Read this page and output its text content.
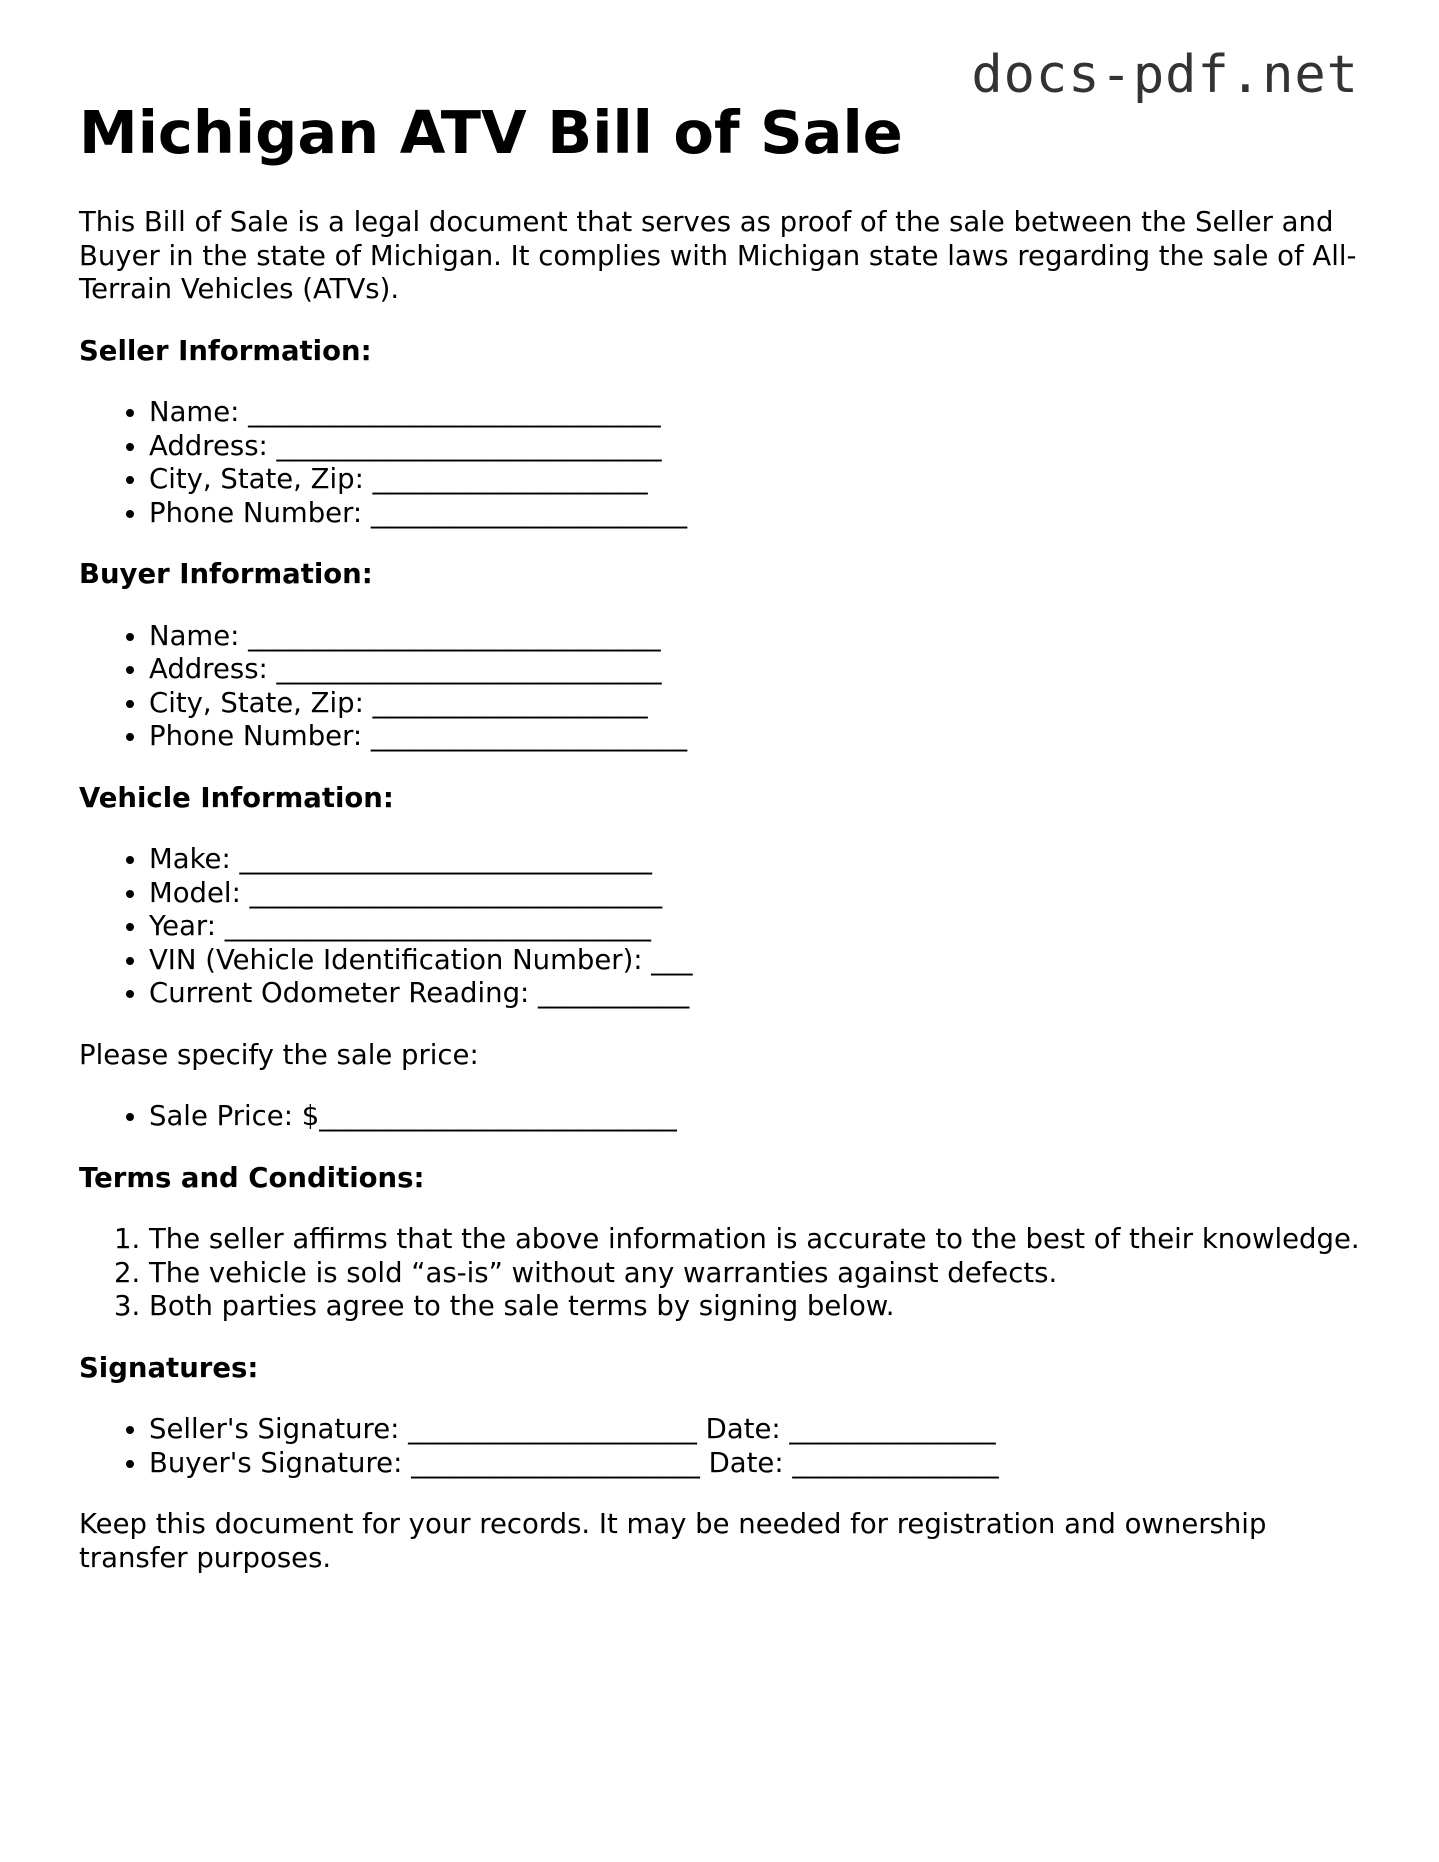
docs-pdf.net
Michigan ATV Bill of Sale

This Bill of Sale is a legal document that serves as proof of the sale between the Seller and Buyer in the state of Michigan. It complies with Michigan state laws regarding the sale of All-Terrain Vehicles (ATVs).

Seller Information:
• Name: ______________________________
• Address: ____________________________
• City, State, Zip: ____________________
• Phone Number: _______________________
Buyer Information:
• Name: ______________________________
• Address: ____________________________
• City, State, Zip: ____________________
• Phone Number: _______________________
Vehicle Information:
• Make: ______________________________
• Model: ______________________________
• Year: _______________________________
• VIN (Vehicle Identification Number): ___
• Current Odometer Reading: ___________

Please specify the sale price:

• Sale Price: $__________________________
Terms and Conditions:
1. The seller affirms that the above information is accurate to the best of their knowledge.
2. The vehicle is sold “as-is” without any warranties against defects.
3. Both parties agree to the sale terms by signing below.
Signatures:
• Seller's Signature: _____________________ Date: _______________
• Buyer's Signature: _____________________ Date: _______________

Keep this document for your records. It may be needed for registration and ownership transfer purposes.
